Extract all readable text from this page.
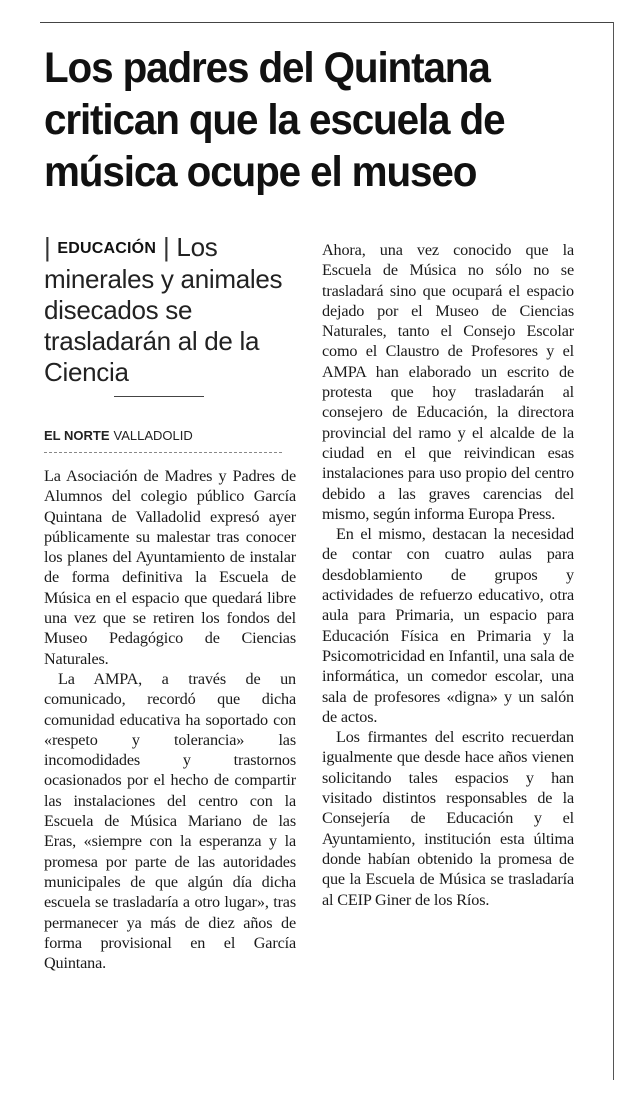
Los padres del Quintana
critican que la escuela de
música ocupe el museo

| EDUCACIÓN | Los minerales y animales disecados se trasladarán al de la Ciencia

EL NORTE VALLADOLID

La Asociación de Madres y Padres de Alumnos del colegio público García Quintana de Valladolid expresó ayer públicamente su malestar tras conocer los planes del Ayuntamiento de instalar de forma definitiva la Escuela de Música en el espacio que quedará libre una vez que se retiren los fondos del Museo Pedagógico de Ciencias Naturales.

La AMPA, a través de un comunicado, recordó que dicha comunidad educativa ha soportado con «respeto y tolerancia» las incomodidades y trastornos ocasionados por el hecho de compartir las instalaciones del centro con la Escuela de Música Mariano de las Eras, «siempre con la esperanza y la promesa por parte de las autoridades municipales de que algún día dicha escuela se trasladaría a otro lugar», tras permanecer ya más de diez años de forma provisional en el García Quintana.

Ahora, una vez conocido que la Escuela de Música no sólo no se trasladará sino que ocupará el espacio dejado por el Museo de Ciencias Naturales, tanto el Consejo Escolar como el Claustro de Profesores y el AMPA han elaborado un escrito de protesta que hoy trasladarán al consejero de Educación, la directora provincial del ramo y el alcalde de la ciudad en el que reivindican esas instalaciones para uso propio del centro debido a las graves carencias del mismo, según informa Europa Press.

En el mismo, destacan la necesidad de contar con cuatro aulas para desdoblamiento de grupos y actividades de refuerzo educativo, otra aula para Primaria, un espacio para Educación Física en Primaria y la Psicomotricidad en Infantil, una sala de informática, un comedor escolar, una sala de profesores «digna» y un salón de actos.

Los firmantes del escrito recuerdan igualmente que desde hace años vienen solicitando tales espacios y han visitado distintos responsables de la Consejería de Educación y el Ayuntamiento, institución esta última donde habían obtenido la promesa de que la Escuela de Música se trasladaría al CEIP Giner de los Ríos.
